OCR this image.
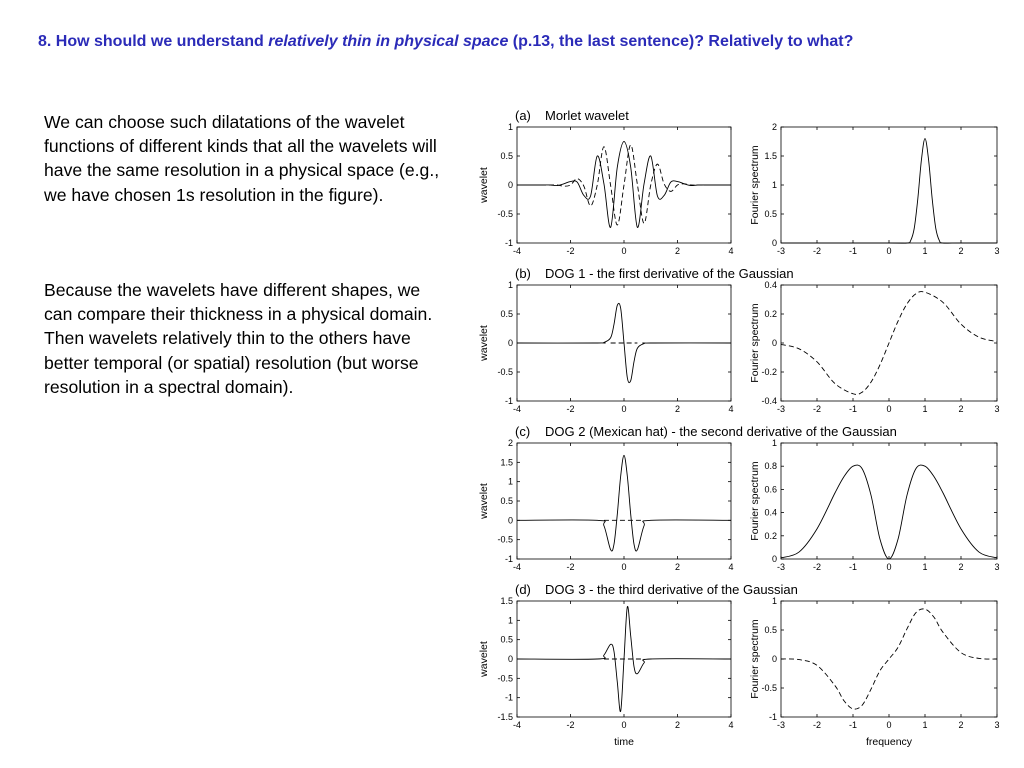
8. How should we understand relatively thin in physical space (p.13, the last sentence)? Relatively to what?

We can choose such dilatations of the wavelet functions of different kinds that all the wavelets will have the same resolution in a physical space (e.g., we have chosen 1s resolution in the figure).

Because the wavelets have different shapes, we can compare their thickness in a physical domain. Then wavelets relatively thin to the others have better temporal (or spatial) resolution (but worse resolution in a spectral domain).

(a) Morlet wavelet
(b) DOG 1 - the first derivative of the Gaussian
(c) DOG 2 (Mexican hat) - the second derivative of the Gaussian
(d) DOG 3 - the third derivative of the Gaussian
-4	-2	0	2	4
1
0.5
0
-0.5
-1
wavelet
-3	-2	-1	0	1	2	3
2
1.5
1
0.5
0
Fourier spectrum
-4	-2	0	2	4
1
0.5
0
-0.5
-1
wavelet
-3	-2	-1	0	1	2	3
0.4
0.2
0
-0.2
-0.4
Fourier spectrum
-4	-2	0	2	4
2
1.5
1
0.5
0
-0.5
-1
wavelet
-3	-2	-1	0	1	2	3
1
0.8
0.6
0.4
0.2
0
Fourier spectrum
-4	-2	0	2	4
1.5
1
0.5
0
-0.5
-1
-1.5
wavelet
-3	-2	-1	0	1	2	3
1
0.5
0
-0.5
-1
Fourier spectrum
time	frequency
